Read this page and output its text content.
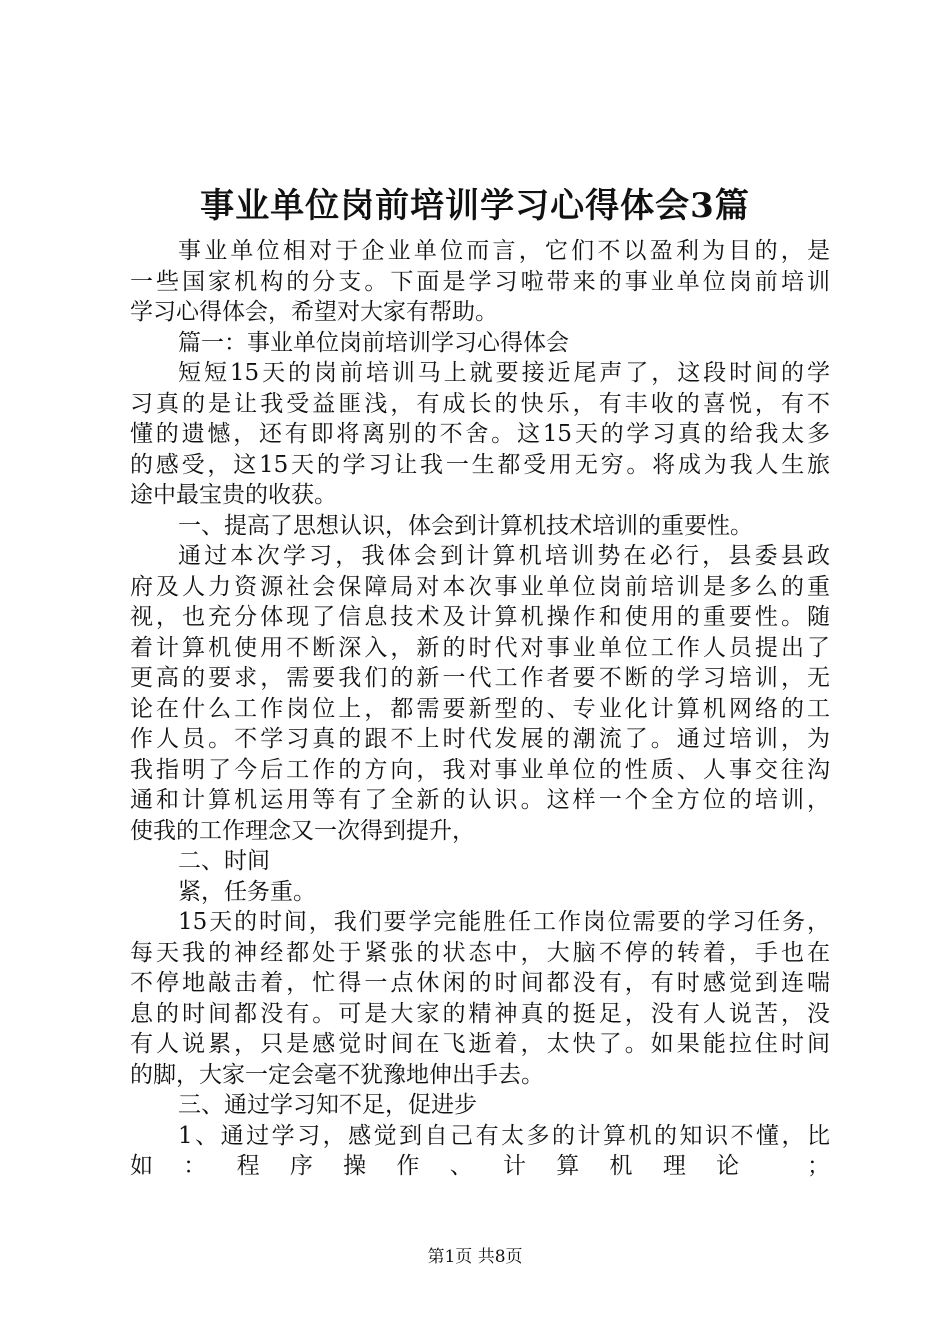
事业单位岗前培训学习心得体会3篇
事业单位相对于企业单位而言，它们不以盈利为目的，是
一些国家机构的分支。下面是学习啦带来的事业单位岗前培训
学习心得体会，希望对大家有帮助。
篇一：事业单位岗前培训学习心得体会
短短15天的岗前培训马上就要接近尾声了，这段时间的学
习真的是让我受益匪浅，有成长的快乐，有丰收的喜悦，有不
懂的遗憾，还有即将离别的不舍。这15天的学习真的给我太多
的感受，这15天的学习让我一生都受用无穷。将成为我人生旅
途中最宝贵的收获。
一、提高了思想认识，体会到计算机技术培训的重要性。
通过本次学习，我体会到计算机培训势在必行，县委县政
府及人力资源社会保障局对本次事业单位岗前培训是多么的重
视，也充分体现了信息技术及计算机操作和使用的重要性。随
着计算机使用不断深入，新的时代对事业单位工作人员提出了
更高的要求，需要我们的新一代工作者要不断的学习培训，无
论在什么工作岗位上，都需要新型的、专业化计算机网络的工
作人员。不学习真的跟不上时代发展的潮流了。通过培训，为
我指明了今后工作的方向，我对事业单位的性质、人事交往沟
通和计算机运用等有了全新的认识。这样一个全方位的培训，
使我的工作理念又一次得到提升，
二、时间
紧，任务重。
15天的时间，我们要学完能胜任工作岗位需要的学习任务，
每天我的神经都处于紧张的状态中，大脑不停的转着，手也在
不停地敲击着，忙得一点休闲的时间都没有，有时感觉到连喘
息的时间都没有。可是大家的精神真的挺足，没有人说苦，没
有人说累，只是感觉时间在飞逝着，太快了。如果能拉住时间
的脚，大家一定会毫不犹豫地伸出手去。
三、通过学习知不足，促进步
1、通过学习，感觉到自己有太多的计算机的知识不懂，比
如：程序操作、计算机理论 ；
第1页 共8页
